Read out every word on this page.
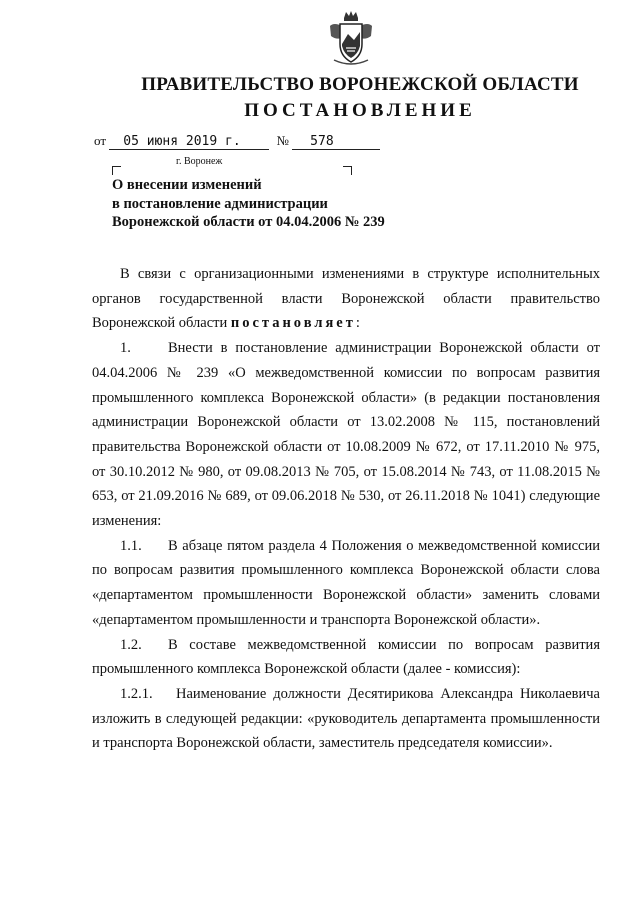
ПРАВИТЕЛЬСТВО ВОРОНЕЖСКОЙ ОБЛАСТИ
ПОСТАНОВЛЕНИЕ
от 05 июня 2019 г.	№ 578
г. Воронеж
О внесении изменений
в постановление администрации
Воронежской области от 04.04.2006 № 239

В связи с организационными изменениями в структуре исполнительных органов государственной власти Воронежской области правительство Воронежской области постановляет:

1.	Внести в постановление администрации Воронежской области от 04.04.2006 № 239 «О межведомственной комиссии по вопросам развития промышленного комплекса Воронежской области» (в редакции постановления администрации Воронежской области от 13.02.2008 № 115, постановлений правительства Воронежской области от 10.08.2009 № 672, от 17.11.2010 № 975, от 30.10.2012 № 980, от 09.08.2013 № 705, от 15.08.2014 № 743, от 11.08.2015 № 653, от 21.09.2016 № 689, от 09.06.2018 № 530, от 26.11.2018 № 1041) следующие изменения:

1.1. В абзаце пятом раздела 4 Положения о межведомственной комиссии по вопросам развития промышленного комплекса Воронежской области слова «департаментом промышленности Воронежской области» заменить словами «департаментом промышленности и транспорта Воронежской области».

1.2. В составе межведомственной комиссии по вопросам развития промышленного комплекса Воронежской области (далее - комиссия):

1.2.1. Наименование должности Десятирикова Александра Николаевича изложить в следующей редакции: «руководитель департамента промышленности и транспорта Воронежской области, заместитель председателя комиссии».
